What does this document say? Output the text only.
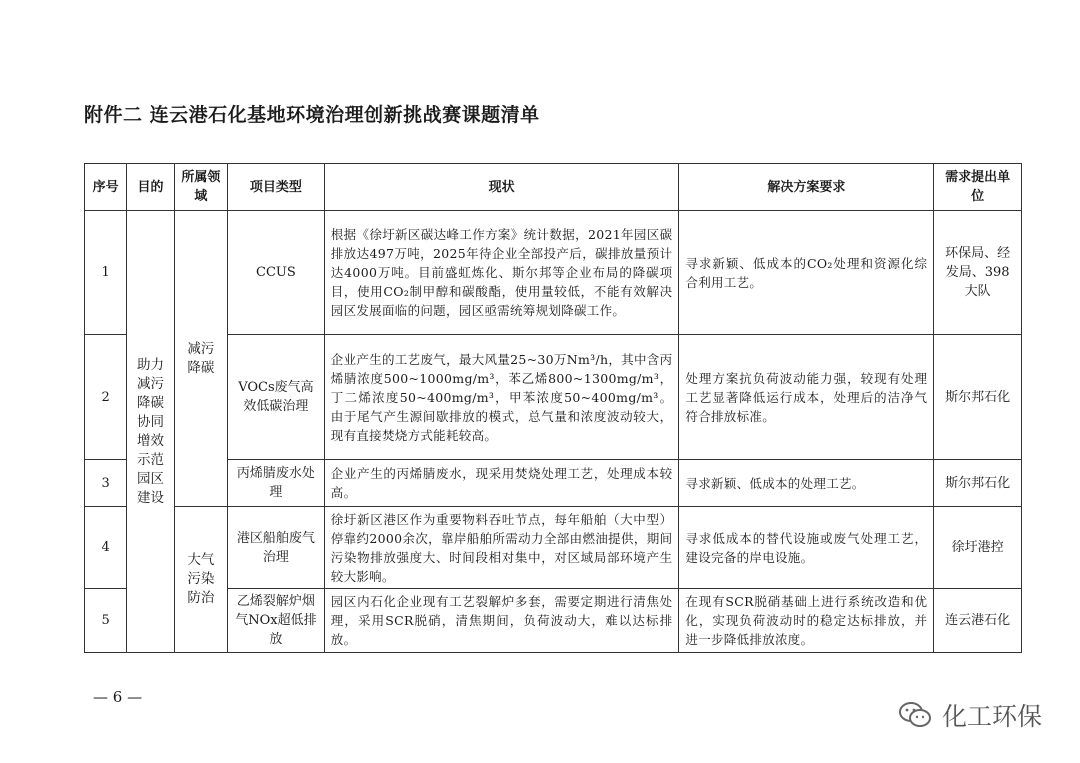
附件二 连云港石化基地环境治理创新挑战赛课题清单
序号	目的	所属领域	项目类型	现状	解决方案要求	需求提出单位
1	助力减污降碳协同增效示范园区建设	减污降碳	CCUS	根据《徐圩新区碳达峰工作方案》统计数据，2021年园区碳排放达497万吨，2025年待企业全部投产后，碳排放量预计达4000万吨。目前盛虹炼化、斯尔邦等企业布局的降碳项目，使用CO₂制甲醇和碳酸酯，使用量较低，不能有效解决园区发展面临的问题，园区亟需统筹规划降碳工作。	寻求新颖、低成本的CO₂处理和资源化综合利用工艺。	环保局、经发局、398大队
2			VOCs废气高效低碳治理	企业产生的工艺废气，最大风量25~30万Nm³/h，其中含丙烯腈浓度500~1000mg/m³，苯乙烯800~1300mg/m³，丁二烯浓度50~400mg/m³，甲苯浓度50~400mg/m³。由于尾气产生源间歇排放的模式，总气量和浓度波动较大，现有直接焚烧方式能耗较高。	处理方案抗负荷波动能力强，较现有处理工艺显著降低运行成本，处理后的洁净气符合排放标准。	斯尔邦石化
3			丙烯腈废水处理	企业产生的丙烯腈废水，现采用焚烧处理工艺，处理成本较高。	寻求新颖、低成本的处理工艺。	斯尔邦石化
4		大气污染防治	港区船舶废气治理	徐圩新区港区作为重要物料吞吐节点，每年船舶（大中型）停靠约2000余次，靠岸船舶所需动力全部由燃油提供，期间污染物排放强度大、时间段相对集中，对区域局部环境产生较大影响。	寻求低成本的替代设施或废气处理工艺， 建设完备的岸电设施。	徐圩港控
5			乙烯裂解炉烟气NOx超低排放	园区内石化企业现有工艺裂解炉多套，需要定期进行清焦处理，采用SCR脱硝，清焦期间，负荷波动大，难以达标排放。	在现有SCR脱硝基础上进行系统改造和优化，实现负荷波动时的稳定达标排放，并进一步降低排放浓度。	连云港石化
— 6 —
化工环保
